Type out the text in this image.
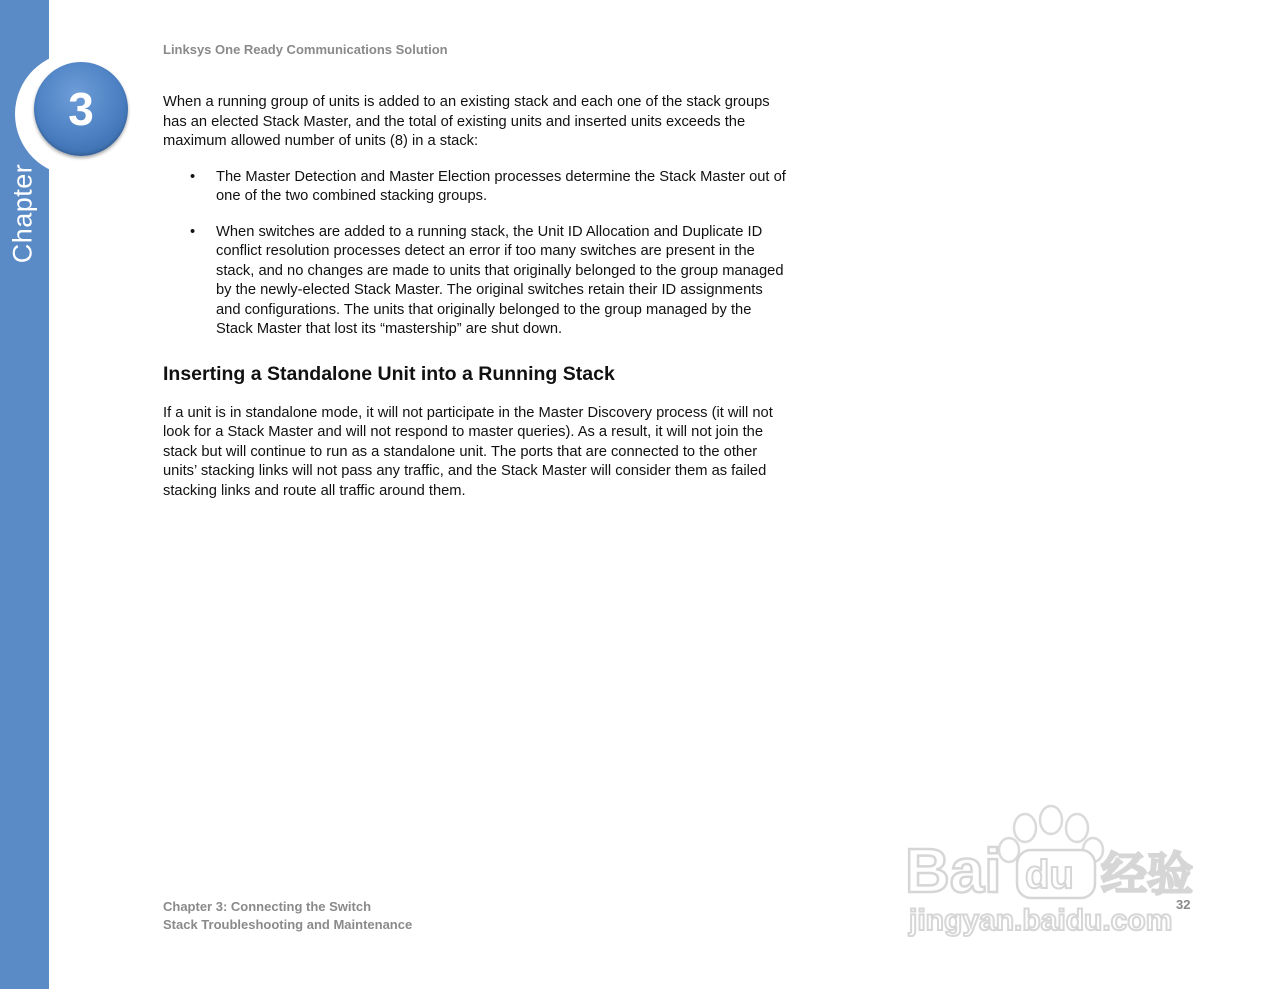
Chapter
3
Linksys One Ready Communications Solution

When a running group of units is added to an existing stack and each one of the stack groups has an elected Stack Master, and the total of existing units and inserted units exceeds the maximum allowed number of units (8) in a stack:

• The Master Detection and Master Election processes determine the Stack Master out of one of the two combined stacking groups.
• When switches are added to a running stack, the Unit ID Allocation and Duplicate ID conflict resolution processes detect an error if too many switches are present in the stack, and no changes are made to units that originally belonged to the group managed by the newly-elected Stack Master. The original switches retain their ID assignments and configurations. The units that originally belonged to the group managed by the Stack Master that lost its “mastership” are shut down.
Inserting a Standalone Unit into a Running Stack

If a unit is in standalone mode, it will not participate in the Master Discovery process (it will not look for a Stack Master and will not respond to master queries). As a result, it will not join the stack but will continue to run as a standalone unit. The ports that are connected to the other units’ stacking links will not pass any traffic, and the Stack Master will consider them as failed stacking links and route all traffic around them.

Chapter 3: Connecting the Switch
Stack Troubleshooting and Maintenance
Bai du 经验
jingyan.baidu.com 32
